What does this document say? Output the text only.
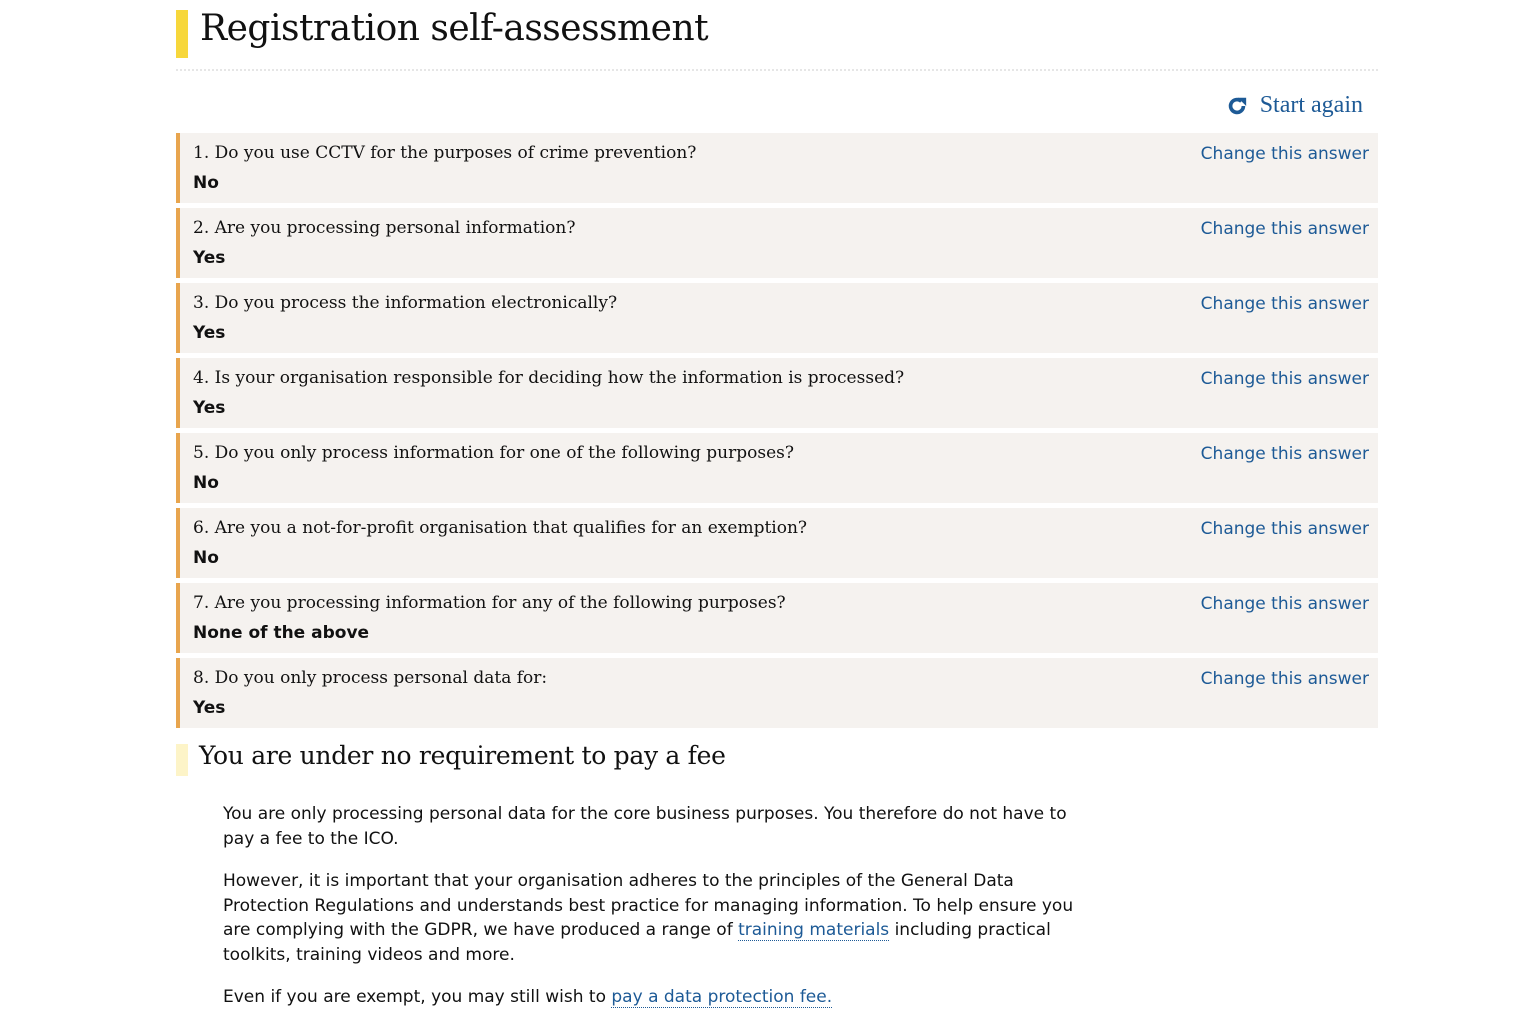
Registration self-assessment
Start again
1. Do you use CCTV for the purposes of crime prevention?
No
Change this answer
2. Are you processing personal information?
Yes
Change this answer
3. Do you process the information electronically?
Yes
Change this answer
4. Is your organisation responsible for deciding how the information is processed?
Yes
Change this answer
5. Do you only process information for one of the following purposes?
No
Change this answer
6. Are you a not-for-profit organisation that qualifies for an exemption?
No
Change this answer
7. Are you processing information for any of the following purposes?
None of the above
Change this answer
8. Do you only process personal data for:
Yes
Change this answer
You are under no requirement to pay a fee

You are only processing personal data for the core business purposes. You therefore do not have to pay a fee to the ICO.

However, it is important that your organisation adheres to the principles of the General Data Protection Regulations and understands best practice for managing information. To help ensure you are complying with the GDPR, we have produced a range of training materials including practical toolkits, training videos and more.

Even if you are exempt, you may still wish to pay a data protection fee.
